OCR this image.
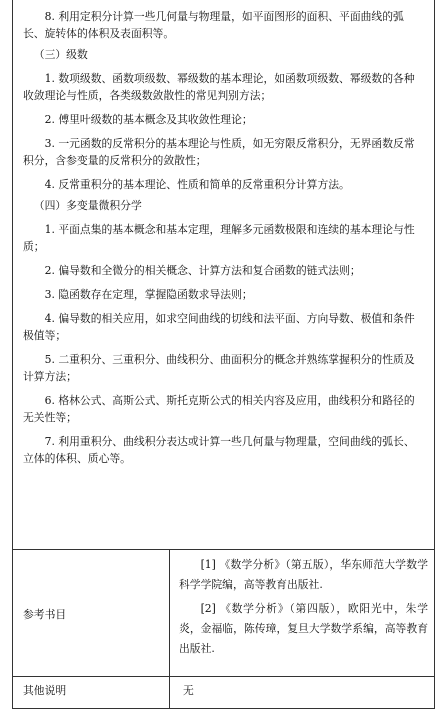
8. 利用定积分计算一些几何量与物理量，如平面图形的面积、平面曲线的弧长、旋转体的体积及表面积等。

（三）级数

1. 数项级数、函数项级数、幂级数的基本理论，如函数项级数、幂级数的各种收敛理论与性质，各类级数敛散性的常见判别方法；

2. 傅里叶级数的基本概念及其收敛性理论；

3. 一元函数的反常积分的基本理论与性质，如无穷限反常积分，无界函数反常积分，含参变量的反常积分的敛散性；

4. 反常重积分的基本理论、性质和简单的反常重积分计算方法。

（四）多变量微积分学

1. 平面点集的基本概念和基本定理，理解多元函数极限和连续的基本理论与性质；

2. 偏导数和全微分的相关概念、计算方法和复合函数的链式法则；

3. 隐函数存在定理，掌握隐函数求导法则；

4. 偏导数的相关应用，如求空间曲线的切线和法平面、方向导数、极值和条件极值等；

5. 二重积分、三重积分、曲线积分、曲面积分的概念并熟练掌握积分的性质及计算方法；

6. 格林公式、高斯公式、斯托克斯公式的相关内容及应用，曲线积分和路径的无关性等；

7. 利用重积分、曲线积分表达或计算一些几何量与物理量，空间曲线的弧长、立体的体积、质心等。

参考书目

[1] 《数学分析》（第五版），华东师范大学数学科学学院编，高等教育出版社.

[2] 《数学分析》（第四版），欧阳光中，朱学炎，金福临，陈传璋，复旦大学数学系编，高等教育出版社.

其他说明	无
